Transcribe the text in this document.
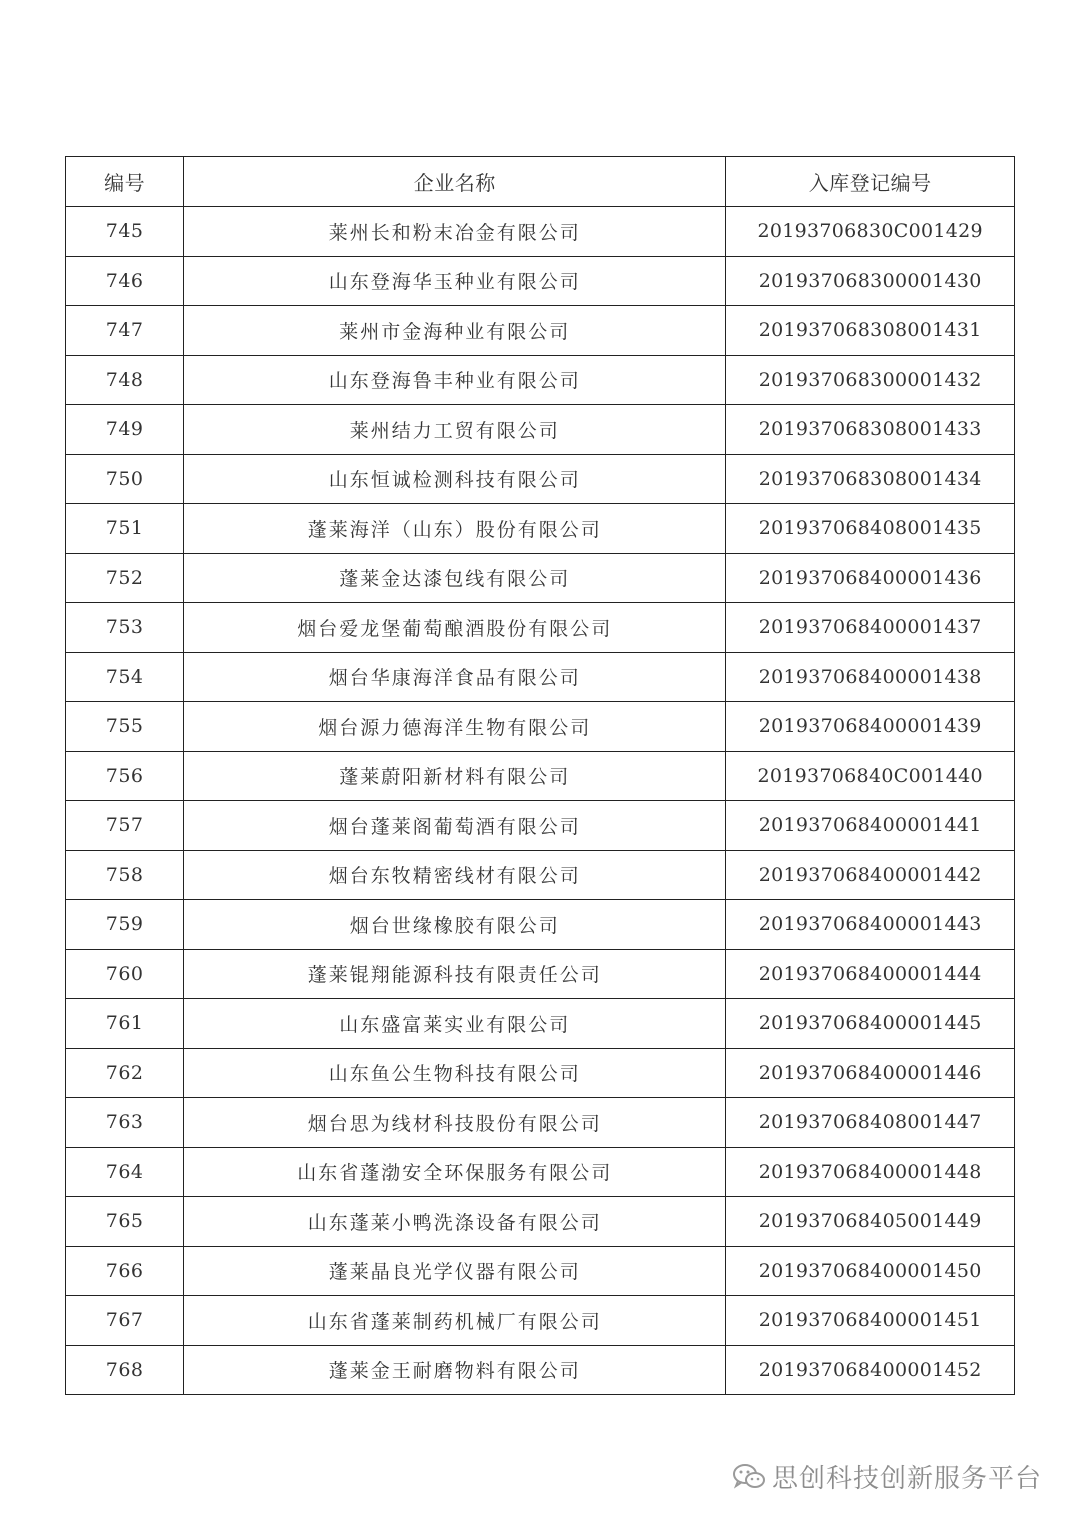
编号	企业名称	入库登记编号
745	莱州长和粉末冶金有限公司	20193706830C001429
746	山东登海华玉种业有限公司	201937068300001430
747	莱州市金海种业有限公司	201937068308001431
748	山东登海鲁丰种业有限公司	201937068300001432
749	莱州结力工贸有限公司	201937068308001433
750	山东恒诚检测科技有限公司	201937068308001434
751	蓬莱海洋（山东）股份有限公司	201937068408001435
752	蓬莱金达漆包线有限公司	201937068400001436
753	烟台爱龙堡葡萄酿酒股份有限公司	201937068400001437
754	烟台华康海洋食品有限公司	201937068400001438
755	烟台源力德海洋生物有限公司	201937068400001439
756	蓬莱蔚阳新材料有限公司	20193706840C001440
757	烟台蓬莱阁葡萄酒有限公司	201937068400001441
758	烟台东牧精密线材有限公司	201937068400001442
759	烟台世缘橡胶有限公司	201937068400001443
760	蓬莱锟翔能源科技有限责任公司	201937068400001444
761	山东盛富莱实业有限公司	201937068400001445
762	山东鱼公生物科技有限公司	201937068400001446
763	烟台思为线材科技股份有限公司	201937068408001447
764	山东省蓬渤安全环保服务有限公司	201937068400001448
765	山东蓬莱小鸭洗涤设备有限公司	201937068405001449
766	蓬莱晶良光学仪器有限公司	201937068400001450
767	山东省蓬莱制药机械厂有限公司	201937068400001451
768	蓬莱金王耐磨物料有限公司	201937068400001452
思创科技创新服务平台
